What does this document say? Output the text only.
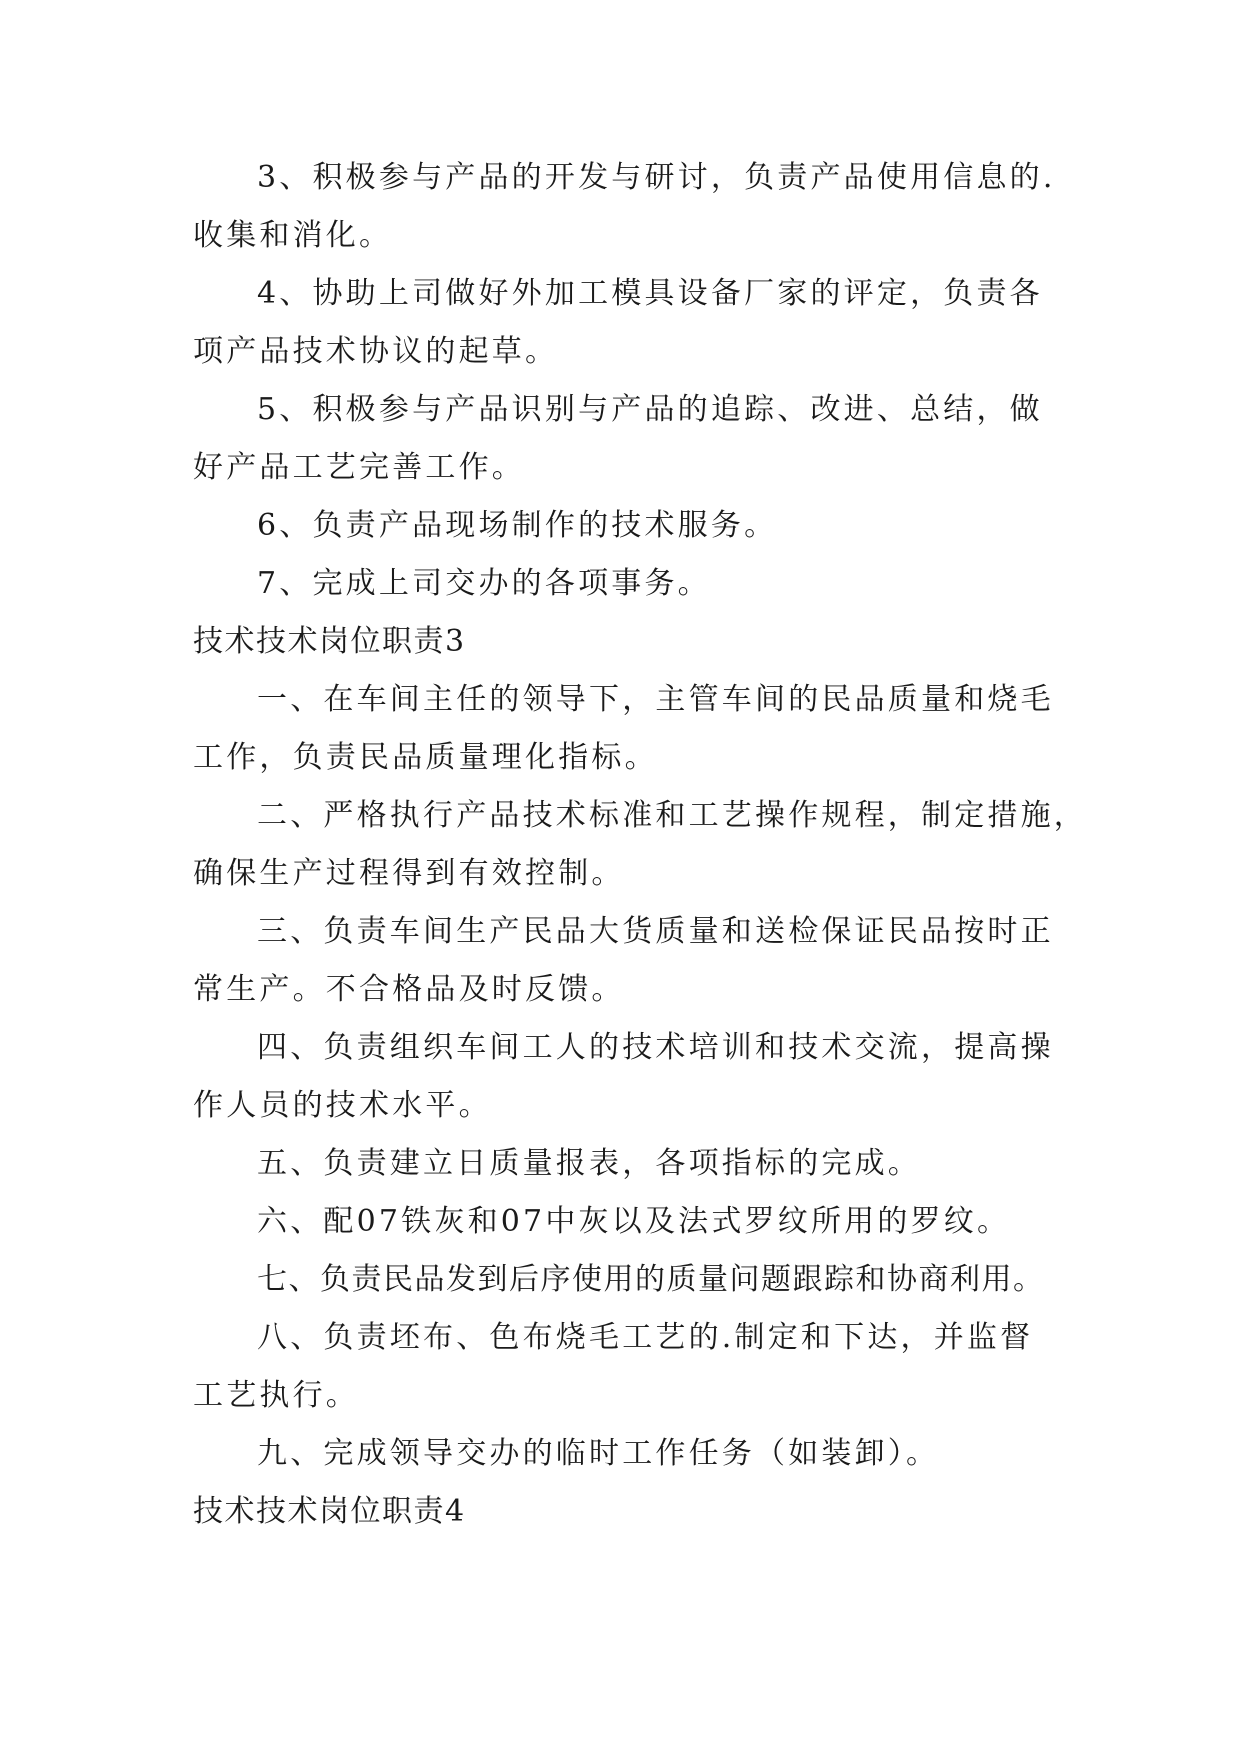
3、积极参与产品的开发与研讨，负责产品使用信息的.
收集和消化。
4、协助上司做好外加工模具设备厂家的评定，负责各
项产品技术协议的起草。
5、积极参与产品识别与产品的追踪、改进、总结，做
好产品工艺完善工作。
6、负责产品现场制作的技术服务。
7、完成上司交办的各项事务。
技术技术岗位职责3
一、在车间主任的领导下，主管车间的民品质量和烧毛
工作，负责民品质量理化指标。
二、严格执行产品技术标准和工艺操作规程，制定措施，
确保生产过程得到有效控制。
三、负责车间生产民品大货质量和送检保证民品按时正
常生产。不合格品及时反馈。
四、负责组织车间工人的技术培训和技术交流，提高操
作人员的技术水平。
五、负责建立日质量报表，各项指标的完成。
六、配07铁灰和07中灰以及法式罗纹所用的罗纹。
七、负责民品发到后序使用的质量问题跟踪和协商利用。
八、负责坯布、色布烧毛工艺的.制定和下达，并监督
工艺执行。
九、完成领导交办的临时工作任务（如装卸）。
技术技术岗位职责4
